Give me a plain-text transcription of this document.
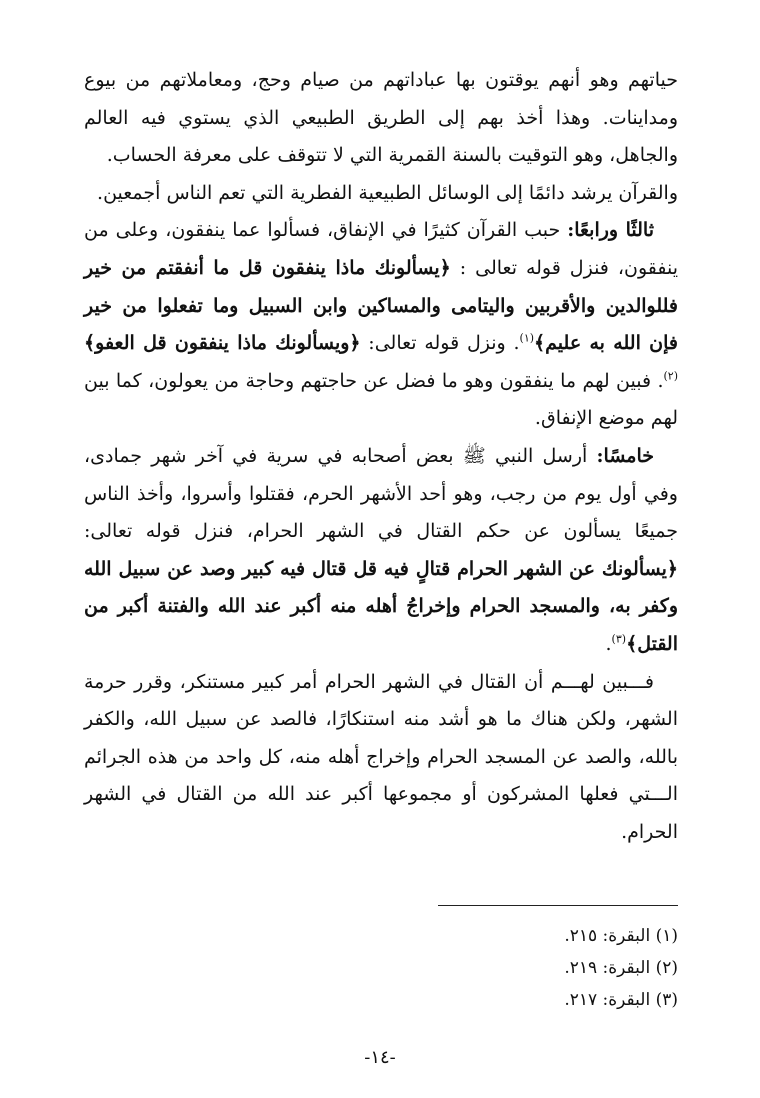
حياتهم وهو أنهم يوقتون بها عباداتهم من صيام وحج، ومعاملاتهم من بيوع ومداينات. وهذا أخذ بهم إلى الطريق الطبيعي الذي يستوي فيه العالم والجاهل، وهو التوقيت بالسنة القمرية التي لا تتوقف على معرفة الحساب.

والقرآن يرشد دائمًا إلى الوسائل الطبيعية الفطرية التي تعم الناس أجمعين.

ثالثًا ورابعًا: حبب القرآن كثيرًا في الإنفاق، فسألوا عما ينفقون، وعلى من ينفقون، فنزل قوله تعالى : ﴿يسألونك ماذا ينفقون قل ما أنفقتم من خير فللوالدين والأقربين واليتامى والمساكين وابن السبيل وما تفعلوا من خير فإن الله به عليم﴾$^{(١)}$. ونزل قوله تعالى: ﴿ويسألونك ماذا ينفقون قل العفو﴾$^{(٢)}$. فبين لهم ما ينفقون وهو ما فضل عن حاجتهم وحاجة من يعولون، كما بين لهم موضع الإنفاق.

خامسًا: أرسل النبي ﷺ بعض أصحابه في سرية في آخر شهر جمادى، وفي أول يوم من رجب، وهو أحد الأشهر الحرم، فقتلوا وأسروا، وأخذ الناس جميعًا يسألون عن حكم القتال في الشهر الحرام، فنزل قوله تعالى: ﴿يسألونك عن الشهر الحرام قتالٍ فيه قل قتال فيه كبير وصد عن سبيل الله وكفر به، والمسجد الحرام وإخراجُ أهله منه أكبر عند الله والفتنة أكبر من القتل﴾$^{(٣)}$.

فـــبين لهـــم أن القتال في الشهر الحرام أمر كبير مستنكر، وقرر حرمة الشهر، ولكن هناك ما هو أشد منه استنكارًا، فالصد عن سبيل الله، والكفر بالله، والصد عن المسجد الحرام وإخراج أهله منه، كل واحد من هذه الجرائم الـــتي فعلها المشركون أو مجموعها أكبر عند الله من القتال في الشهر الحرام.

(١) البقرة: ٢١٥.

(٢) البقرة: ٢١٩.

(٣) البقرة: ٢١٧.

-١٤-
